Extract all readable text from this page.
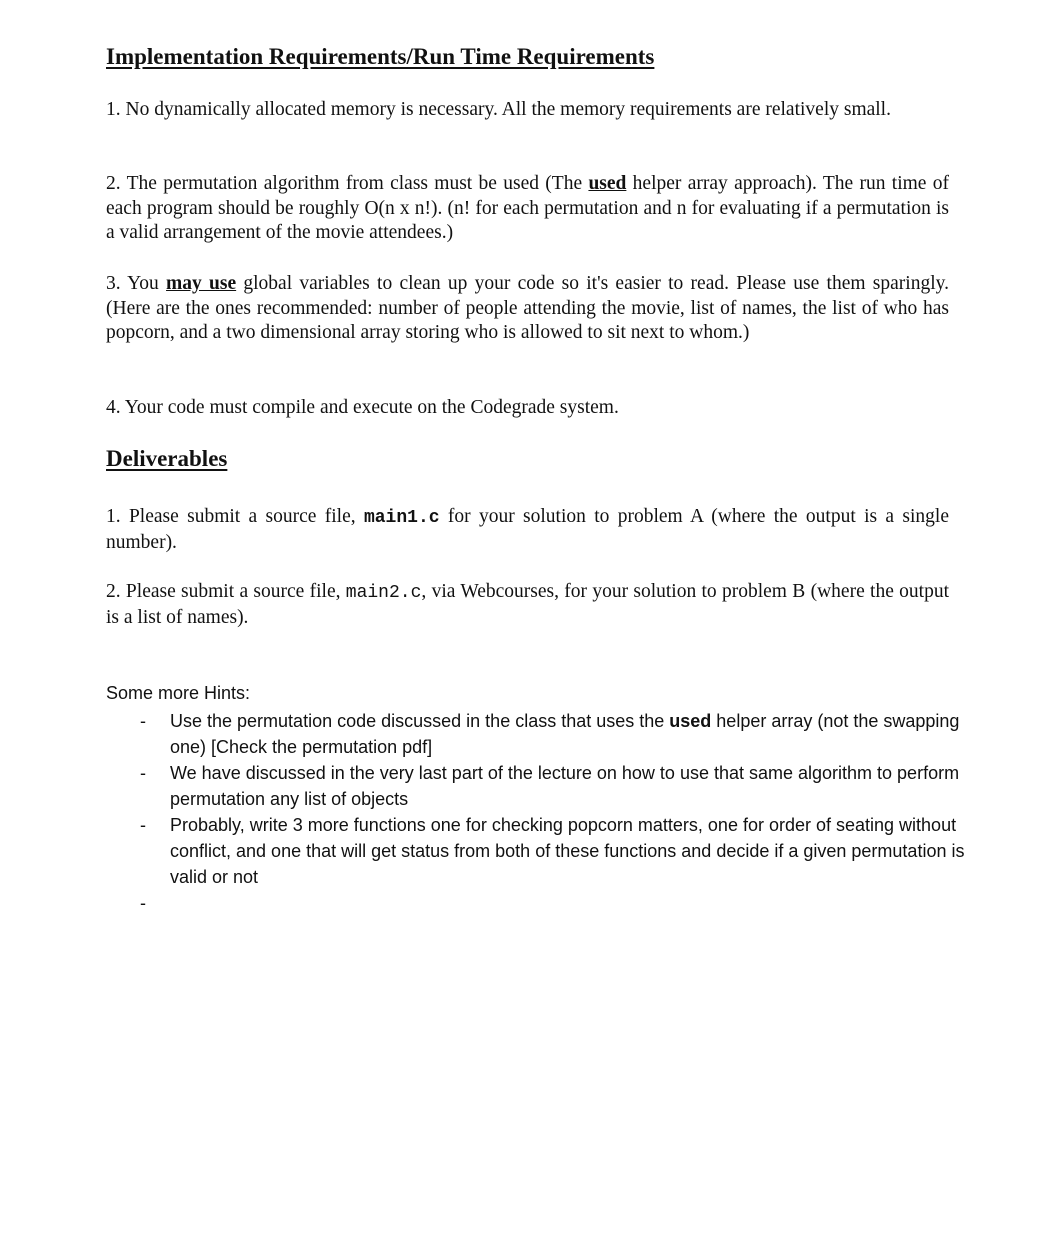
Implementation Requirements/Run Time Requirements

1. No dynamically allocated memory is necessary. All the memory requirements are relatively small.

2. The permutation algorithm from class must be used (The used helper array approach). The run time of each program should be roughly O(n x n!). (n! for each permutation and n for evaluating if a permutation is a valid arrangement of the movie attendees.)

3. You may use global variables to clean up your code so it's easier to read. Please use them sparingly. (Here are the ones recommended: number of people attending the movie, list of names, the list of who has popcorn, and a two dimensional array storing who is allowed to sit next to whom.)

4. Your code must compile and execute on the Codegrade system.

Deliverables

1. Please submit a source file, main1.c for your solution to problem A (where the output is a single number).

2. Please submit a source file, main2.c, via Webcourses, for your solution to problem B (where the output is a list of names).

Some more Hints:

- Use the permutation code discussed in the class that uses the used helper array (not the swapping one) [Check the permutation pdf]
- We have discussed in the very last part of the lecture on how to use that same algorithm to perform permutation any list of objects
- Probably, write 3 more functions one for checking popcorn matters, one for order of seating without conflict, and one that will get status from both of these functions and decide if a given permutation is valid or not
-
